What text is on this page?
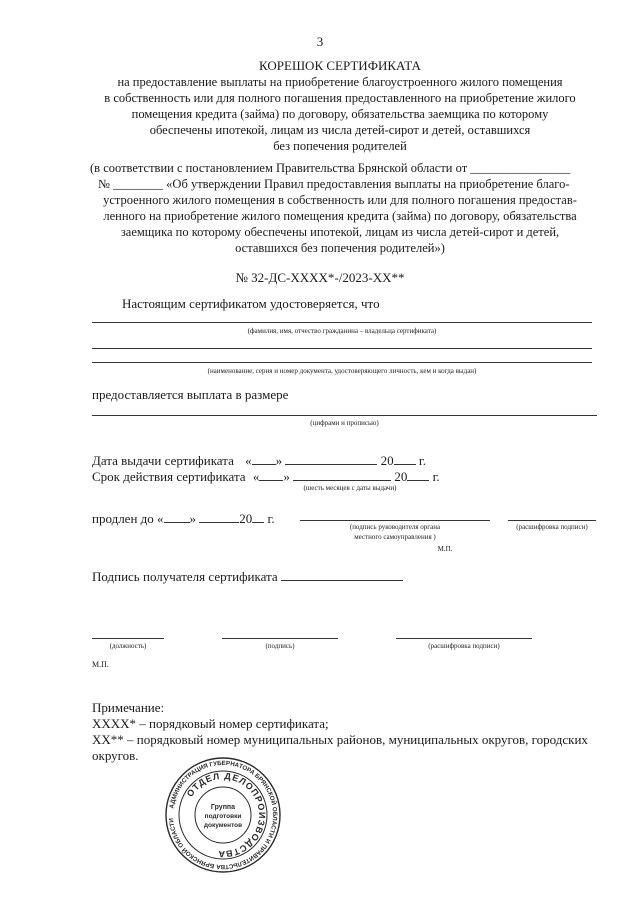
3
КОРЕШОК СЕРТИФИКАТА
на предоставление выплаты на приобретение благоустроенного жилого помещения
в собственность или для полного погашения предоставленного на приобретение жилого
помещения кредита (займа) по договору, обязательства заемщика по которому
обеспечены ипотекой, лицам из числа детей-сирот и детей, оставшихся
без попечения родителей
(в соответствии с постановлением Правительства Брянской области от ________________
№ ________ «Об утверждении Правил предоставления выплаты на приобретение благо-
устроенного жилого помещения в собственность или для полного погашения предостав-
ленного на приобретение жилого помещения кредита (займа) по договору, обязательства
заемщика по которому обеспечены ипотекой, лицам из числа детей-сирот и детей,
оставшихся без попечения родителей»)
№ 32-ДС-XXXX*-/2023-XX**
Настоящим сертификатом удостоверяется, что
(фамилия, имя, отчество гражданина – владельца сертификата)
(наименование, серия и номер документа, удостоверяющего личность, кем и когда выдан)
предоставляется выплата в размере
(цифрами и прописью)
Дата выдачи сертификата « »	20 г.
Срок действия сертификата « »	20 г.
(шесть месяцев с даты выдачи)
продлен до « »	20 г.
(подпись руководителя органа
местного самоуправления )
(расшифровка подписи)
М.П.
Подпись получателя сертификата
(должность)	(подпись)	(расшифровка подписи)
М.П.
Примечание:
XXXX* – порядковый номер сертификата;
XX** – порядковый номер муниципальных районов, муниципальных округов, городских
округов.
АДМИНИСТРАЦИЯ ГУБЕРНАТОРА БРЯНСКОЙ ОБЛАСТИ И ПРАВИТЕЛЬСТВА БРЯНСКОЙ ОБЛАСТИ
ОТДЕЛ ДЕЛОПРОИЗВОДСТВА
Группа
подготовки
документов
